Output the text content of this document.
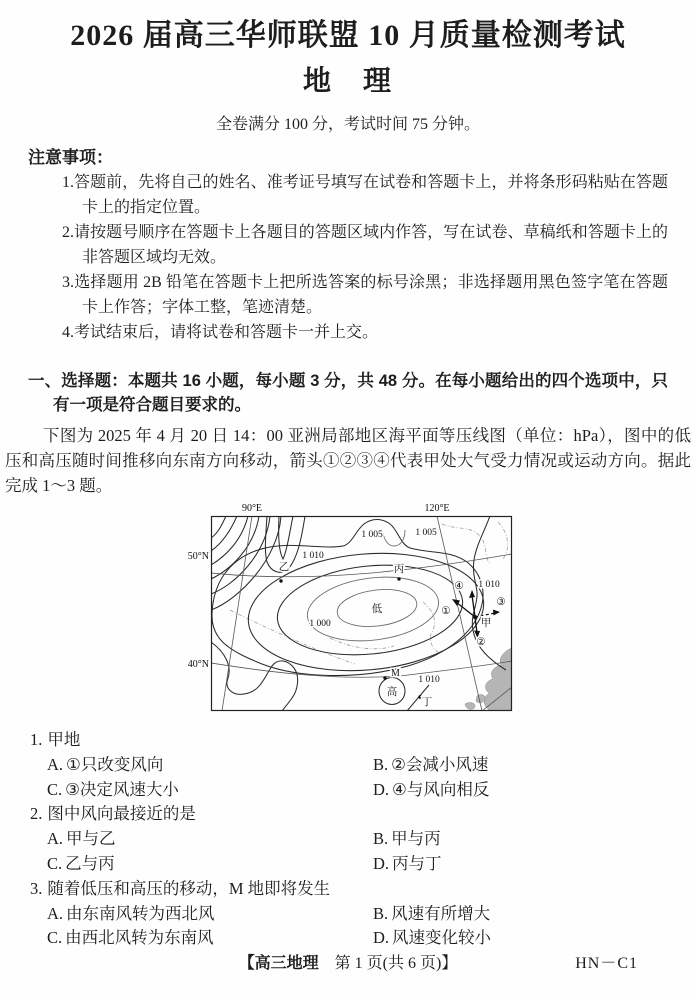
2026 届高三华师联盟 10 月质量检测考试
地　理
全卷满分 100 分，考试时间 75 分钟。
注意事项：
1.答题前，先将自己的姓名、准考证号填写在试卷和答题卡上，并将条形码粘贴在答题卡上的指定位置。
2.请按题号顺序在答题卡上各题目的答题区域内作答，写在试卷、草稿纸和答题卡上的非答题区域均无效。
3.选择题用 2B 铅笔在答题卡上把所选答案的标号涂黑；非选择题用黑色签字笔在答题卡上作答；字体工整，笔迹清楚。
4.考试结束后，请将试卷和答题卡一并上交。
一、选择题：本题共 16 小题，每小题 3 分，共 48 分。在每小题给出的四个选项中，只有一项是符合题目要求的。

下图为 2025 年 4 月 20 日 14：00 亚洲局部地区海平面等压线图（单位：hPa），图中的低压和高压随时间推移向东南方向移动，箭头①②③④代表甲处大气受力情况或运动方向。据此完成 1～3 题。

90°E	120°E
50°N
40°N
1 005	1 005
1 010
1 010
1 000
1 010
乙	丙
低
甲
高
丁
M
①
②
③
④
1. 甲地
A. ①只改变风向	B. ②会减小风速
C. ③决定风速大小	D. ④与风向相反
2. 图中风向最接近的是
A. 甲与乙	B. 甲与丙
C. 乙与丙	D. 丙与丁
3. 随着低压和高压的移动，M 地即将发生
A. 由东南风转为西北风	B. 风速有所增大
C. 由西北风转为东南风	D. 风速变化较小
【高三地理　第 1 页(共 6 页)】	HN－C1
